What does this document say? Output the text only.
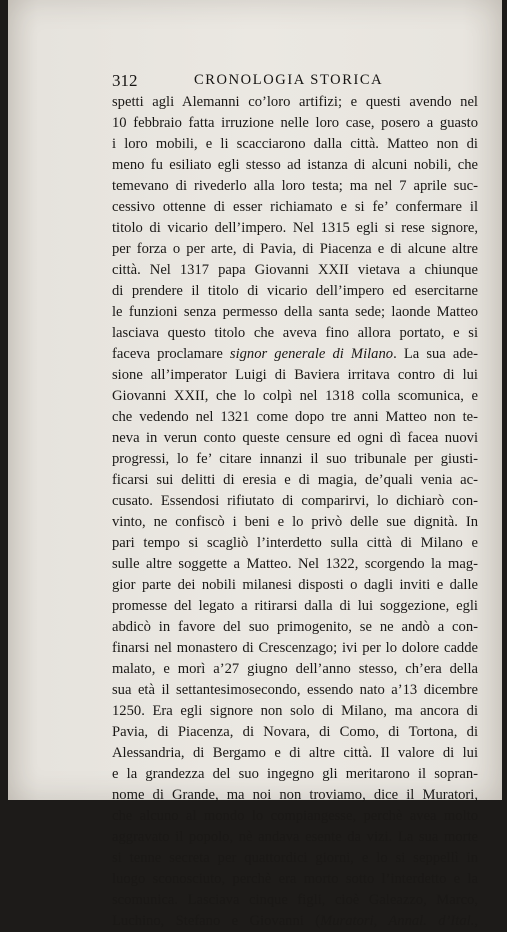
312	CRONOLOGIA STORICA
spetti agli Alemanni co’loro artifizi; e questi avendo nel
10 febbraio fatta irruzione nelle loro case, posero a guasto
i loro mobili, e li scacciarono dalla città. Matteo non di
meno fu esiliato egli stesso ad istanza di alcuni nobili, che
temevano di rivederlo alla loro testa; ma nel 7 aprile suc-
cessivo ottenne di esser richiamato e si fe’ confermare il
titolo di vicario dell’impero. Nel 1315 egli si rese signore,
per forza o per arte, di Pavia, di Piacenza e di alcune altre
città. Nel 1317 papa Giovanni XXII vietava a chiunque
di prendere il titolo di vicario dell’impero ed esercitarne
le funzioni senza permesso della santa sede; laonde Matteo
lasciava questo titolo che aveva fino allora portato, e si
faceva proclamare signor generale di Milano. La sua ade-
sione all’imperator Luigi di Baviera irritava contro di lui
Giovanni XXII, che lo colpì nel 1318 colla scomunica, e
che vedendo nel 1321 come dopo tre anni Matteo non te-
neva in verun conto queste censure ed ogni dì facea nuovi
progressi, lo fe’ citare innanzi il suo tribunale per giusti-
ficarsi sui delitti di eresia e di magia, de’quali venia ac-
cusato. Essendosi rifiutato di comparirvi, lo dichiarò con-
vinto, ne confiscò i beni e lo privò delle sue dignità. In
pari tempo si scagliò l’interdetto sulla città di Milano e
sulle altre soggette a Matteo. Nel 1322, scorgendo la mag-
gior parte dei nobili milanesi disposti o dagli inviti e dalle
promesse del legato a ritirarsi dalla di lui soggezione, egli
abdicò in favore del suo primogenito, se ne andò a con-
finarsi nel monastero di Crescenzago; ivi per lo dolore cadde
malato, e morì a’27 giugno dell’anno stesso, ch’era della
sua età il settantesimosecondo, essendo nato a’13 dicembre
1250. Era egli signore non solo di Milano, ma ancora di
Pavia, di Piacenza, di Novara, di Como, di Tortona, di
Alessandria, di Bergamo e di altre città. Il valore di lui
e la grandezza del suo ingegno gli meritarono il sopran-
nome di Grande, ma noi non troviamo, dice il Muratori,
che alcuno al mondo lo compiangesse, perchè avea molto
aggravato il popolo, nè andava esente da vizi. La sua morte
si tenne secreta per quattordici giorni, e lo si seppellì in
luogo sconosciuto, perchè era morto sotto l’interdetto e la
scomunica. Lasciava cinque figli, cioè Galeazzo, Marco,
Luchino, Stefano e Giovanni (Muratori, Annal. d’Ital.,
